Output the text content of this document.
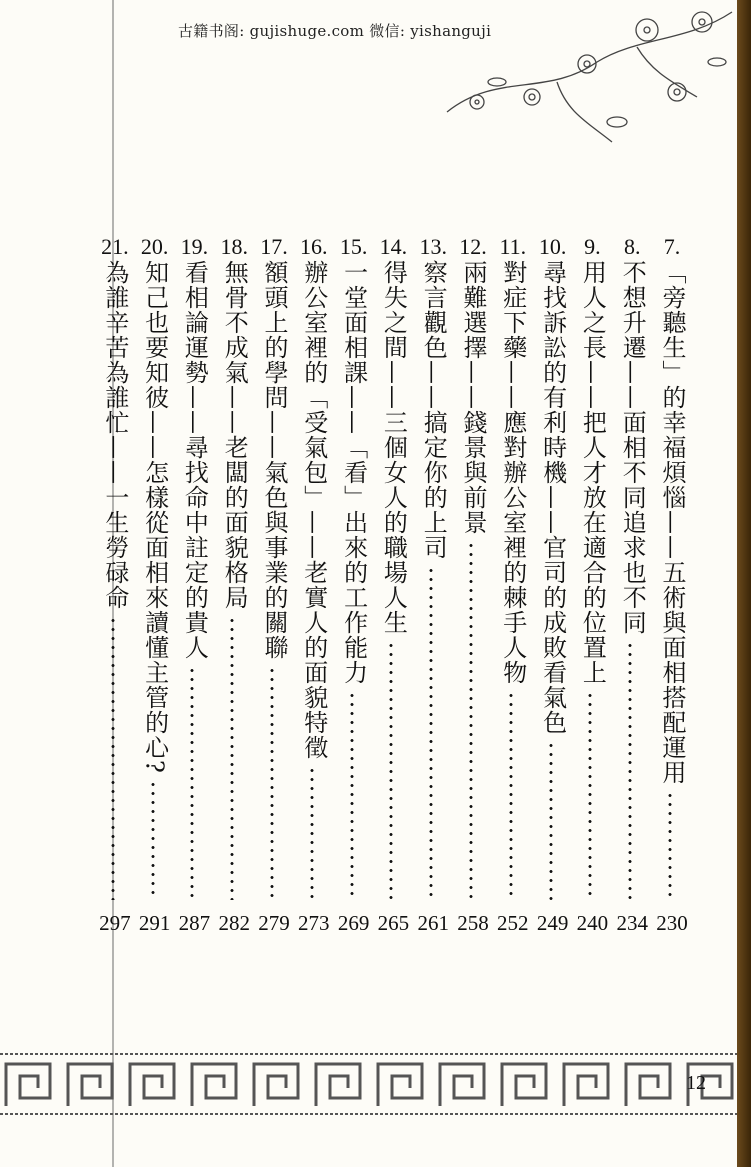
古籍书阁: gujishuge.com 微信: yishanguji
7.
「旁聽生」的幸福煩惱——五術與面相搭配運用
230
8.
不想升遷——面相不同追求也不同
234
9.
用人之長——把人才放在適合的位置上
240
10.
尋找訴訟的有利時機——官司的成敗看氣色
249
11.
對症下藥——應對辦公室裡的棘手人物
252
12.
兩難選擇——錢景與前景
258
13.
察言觀色——搞定你的上司
261
14.
得失之間——三個女人的職場人生
265
15.
一堂面相課——「看」出來的工作能力
269
16.
辦公室裡的「受氣包」——老實人的面貌特徵
273
17.
額頭上的學問——氣色與事業的關聯
279
18.
無骨不成氣——老闆的面貌格局
282
19.
看相論運勢——尋找命中註定的貴人
287
20.
知己也要知彼——怎樣從面相來讀懂主管的心?
291
21.
為誰辛苦為誰忙——一生勞碌命
297
12
